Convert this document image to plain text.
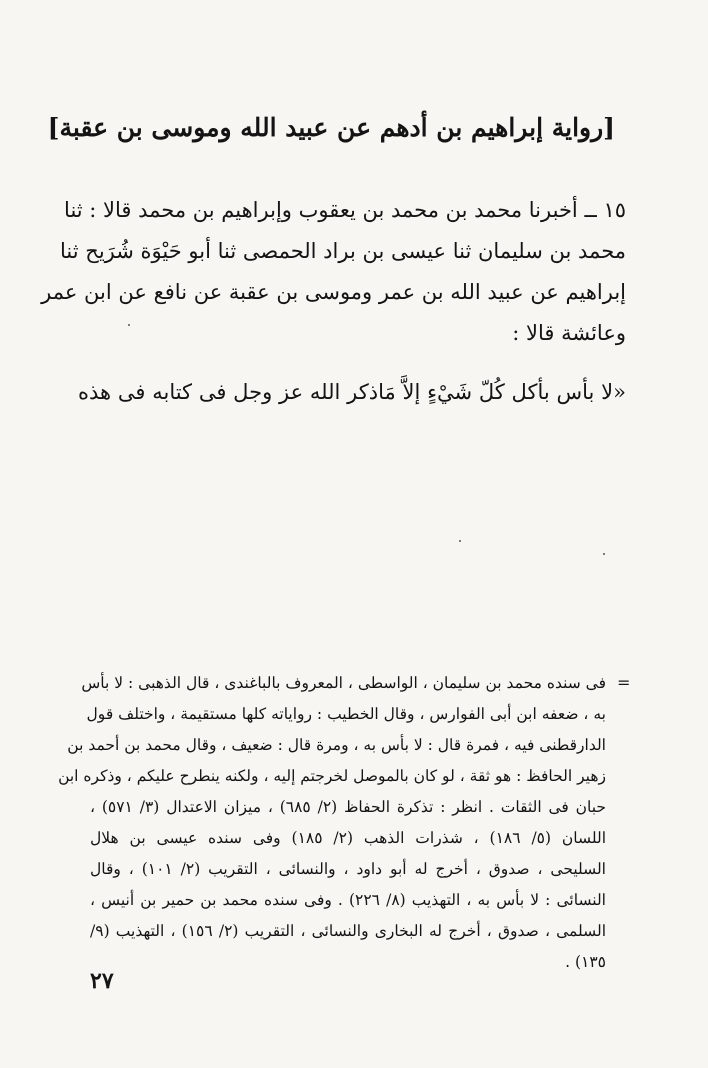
[رواية إبراهيم بن أدهم عن عبيد الله وموسى بن عقبة]

١٥ ــ أخبرنا محمد بن محمد بن يعقوب وإبراهيم بن محمد قالا : ثنا
محمد بن سليمان ثنا عيسى بن براد الحمصى ثنا أبو حَيْوَة شُرَيح ثنا
إبراهيم عن عبيد الله بن عمر وموسى بن عقبة عن نافع عن ابن عمر
وعائشة قالا :

«لا بأس بأكل كُلّ شَيْءٍ إلاَّ مَاذكر الله عز وجل فى كتابه فى هذه

=

فى سنده محمد بن سليمان ، الواسطى ، المعروف بالباغندى ، قال الذهبى : لا بأس
به ، ضعفه ابن أبى الفوارس ، وقال الخطيب : رواياته كلها مستقيمة ، واختلف قول
الدارقطنى فيه ، فمرة قال : لا بأس به ، ومرة قال : ضعيف ، وقال محمد بن أحمد بن
زهير الحافظ : هو ثقة ، لو كان بالموصل لخرجتم إليه ، ولكنه ينطرح عليكم ، وذكره ابن
حبان فى الثقات . انظر : تذكرة الحفاظ (٢/ ٦٨٥) ، ميزان الاعتدال (٣/ ٥٧١) ،
اللسان (٥/ ١٨٦) ، شذرات الذهب (٢/ ١٨٥) وفى سنده عيسى بن هلال
السليحى ، صدوق ، أخرج له أبو داود ، والنسائى ، التقريب (٢/ ١٠١) ، وقال
النسائى : لا بأس به ، التهذيب (٨/ ٢٢٦) . وفى سنده محمد بن حمير بن أنيس ،
السلمى ، صدوق ، أخرج له البخارى والنسائى ، التقريب (٢/ ١٥٦) ، التهذيب (٩/
١٣٥) .

٢٧
